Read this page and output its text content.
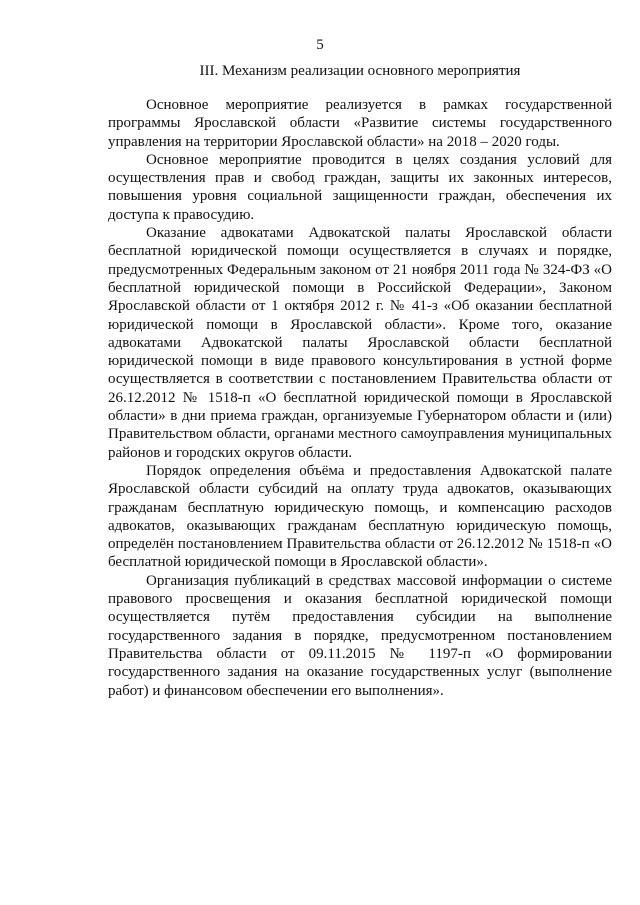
5
III. Механизм реализации основного мероприятия

Основное мероприятие реализуется в рамках государственной программы Ярославской области «Развитие системы государственного управления на территории Ярославской области» на 2018 – 2020 годы.

Основное мероприятие проводится в целях создания условий для осуществления прав и свобод граждан, защиты их законных интересов, повышения уровня социальной защищенности граждан, обеспечения их доступа к правосудию.

Оказание адвокатами Адвокатской палаты Ярославской области бесплатной юридической помощи осуществляется в случаях и порядке, предусмотренных Федеральным законом от 21 ноября 2011 года № 324-ФЗ «О бесплатной юридической помощи в Российской Федерации», Законом Ярославской области от 1 октября 2012 г. № 41-з «Об оказании бесплатной юридической помощи в Ярославской области». Кроме того, оказание адвокатами Адвокатской палаты Ярославской области бесплатной юридической помощи в виде правового консультирования в устной форме осуществляется в соответствии с постановлением Правительства области от 26.12.2012 № 1518-п «О бесплатной юридической помощи в Ярославской области» в дни приема граждан, организуемые Губернатором области и (или) Правительством области, органами местного самоуправления муниципальных районов и городских округов области.

Порядок определения объёма и предоставления Адвокатской палате Ярославской области субсидий на оплату труда адвокатов, оказывающих гражданам бесплатную юридическую помощь, и компенсацию расходов адвокатов, оказывающих гражданам бесплатную юридическую помощь, определён постановлением Правительства области от 26.12.2012 № 1518-п «О бесплатной юридической помощи в Ярославской области».

Организация публикаций в средствах массовой информации о системе правового просвещения и оказания бесплатной юридической помощи осуществляется путём предоставления субсидии на выполнение государственного задания в порядке, предусмотренном постановлением Правительства области от 09.11.2015 № 1197-п «О формировании государственного задания на оказание государственных услуг (выполнение работ) и финансовом обеспечении его выполнения».
